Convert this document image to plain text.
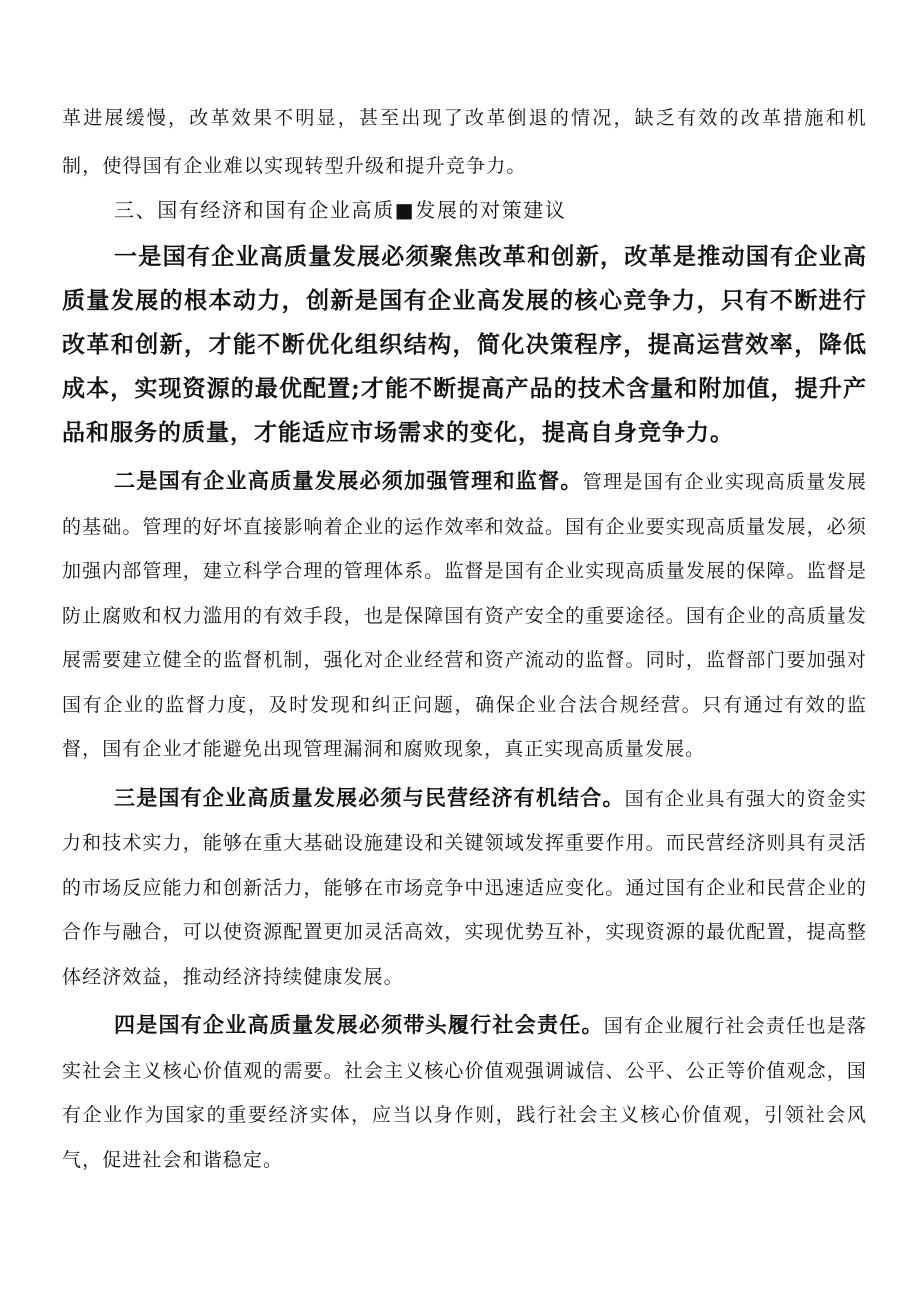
革进展缓慢，改革效果不明显，甚至出现了改革倒退的情况，缺乏有效的改革措施和机制，使得国有企业难以实现转型升级和提升竞争力。

三、国有经济和国有企业高质■发展的对策建议

一是国有企业高质量发展必须聚焦改革和创新，改革是推动国有企业高质量发展的根本动力，创新是国有企业高发展的核心竞争力，只有不断进行改革和创新，才能不断优化组织结构，简化决策程序，提高运营效率，降低成本，实现资源的最优配置;才能不断提高产品的技术含量和附加值，提升产品和服务的质量，才能适应市场需求的变化，提高自身竞争力。

二是国有企业高质量发展必须加强管理和监督。管理是国有企业实现高质量发展的基础。管理的好坏直接影响着企业的运作效率和效益。国有企业要实现高质量发展，必须加强内部管理，建立科学合理的管理体系。监督是国有企业实现高质量发展的保障。监督是防止腐败和权力滥用的有效手段，也是保障国有资产安全的重要途径。国有企业的高质量发展需要建立健全的监督机制，强化对企业经营和资产流动的监督。同时，监督部门要加强对国有企业的监督力度，及时发现和纠正问题，确保企业合法合规经营。只有通过有效的监督，国有企业才能避免出现管理漏洞和腐败现象，真正实现高质量发展。

三是国有企业高质量发展必须与民营经济有机结合。国有企业具有强大的资金实力和技术实力，能够在重大基础设施建设和关键领域发挥重要作用。而民营经济则具有灵活的市场反应能力和创新活力，能够在市场竞争中迅速适应变化。通过国有企业和民营企业的合作与融合，可以使资源配置更加灵活高效，实现优势互补，实现资源的最优配置，提高整体经济效益，推动经济持续健康发展。

四是国有企业高质量发展必须带头履行社会责任。国有企业履行社会责任也是落实社会主义核心价值观的需要。社会主义核心价值观强调诚信、公平、公正等价值观念，国有企业作为国家的重要经济实体，应当以身作则，践行社会主义核心价值观，引领社会风气，促进社会和谐稳定。
